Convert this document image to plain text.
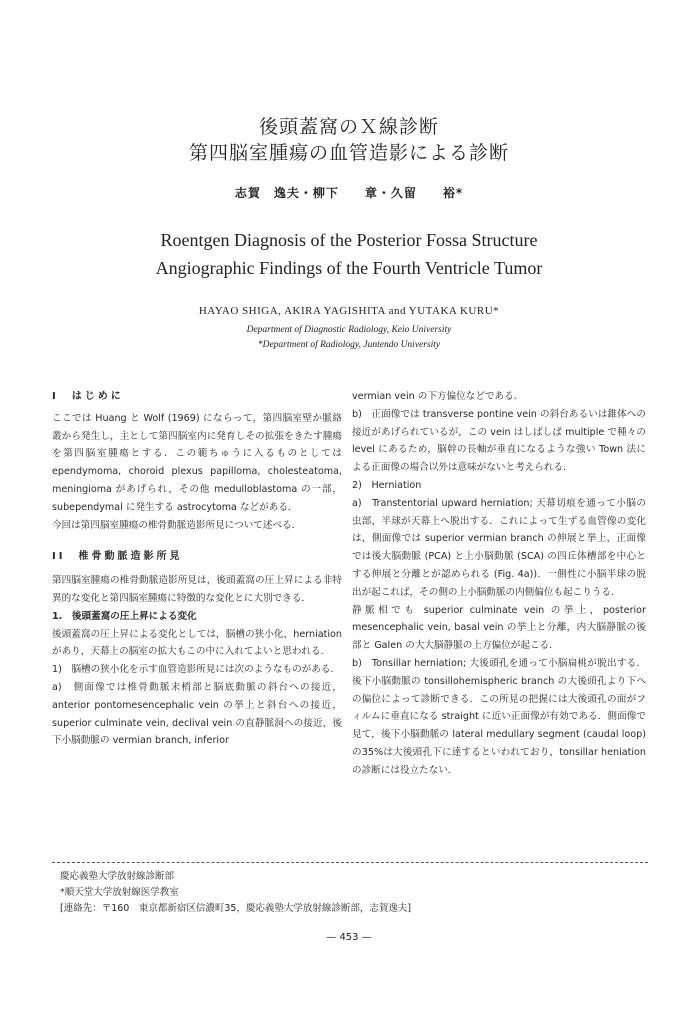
後頭蓋窩のＸ線診断
第四脳室腫瘍の血管造影による診断
志賀　逸夫・柳下　　章・久留　　裕*
Roentgen Diagnosis of the Posterior Fossa Structure
Angiographic Findings of the Fourth Ventricle Tumor
HAYAO SHIGA, AKIRA YAGISHITA and YUTAKA KURU*
Department of Diagnostic Radiology, Keio University
*Department of Radiology, Juntendo University

I　はじめに

ここでは Huang と Wolf (1969) にならって，第四脳室壁か脈絡叢から発生し，主として第四脳室内に発育しその拡張をきたす腫瘍を第四脳室腫瘍とする．この範ちゅうに入るものとしては ependymoma, choroid plexus papilloma, cholesteatoma, meningioma があげられ，その他 medulloblastoma の一部，subependymal に発生する astrocytoma などがある．

今回は第四脳室腫瘍の椎骨動脈造影所見について述べる．

II　椎骨動脈造影所見

第四脳室腫瘍の椎骨動脈造影所見は，後頭蓋窩の圧上昇による非特異的な変化と第四脳室腫瘍に特徴的な変化とに大別できる．

1.　後頭蓋窩の圧上昇による変化

後頭蓋窩の圧上昇による変化としては，脳槽の狭小化，herniation があり，天幕上の脳室の拡大もこの中に入れてよいと思われる．

1)　脳槽の狭小化を示す血管造影所見には次のようなものがある．

a)　側面像では椎骨動脈末梢部と脳底動脈の斜台への接近，anterior pontomesencephalic vein の挙上と斜台への接近，superior culminate vein, declival vein の直静脈洞への接近，後下小脳動脈の vermian branch, inferior

vermian vein の下方偏位などである．

b)　正面像では transverse pontine vein の斜台あるいは錐体への接近があげられているが，この vein はしばしば multiple で種々の level にあるため，脳幹の長軸が垂直になるような強い Town 法による正面像の場合以外は意味がないと考えられる．

2)　Herniation

a)　Transtentorial upward herniation; 天幕切痕を通って小脳の虫部，半球が天幕上へ脱出する．これによって生ずる血管像の変化は，側面像では superior vermian branch の伸展と挙上，正面像では後大脳動脈 (PCA) と上小脳動脈 (SCA) の四丘体槽部を中心とする伸展と分離とが認められる (Fig. 4a))．一側性に小脳半球の脱出が起これば，その側の上小脳動脈の内側偏位も起こりうる．

静脈相でも superior culminate vein の挙上，posterior mesencephalic vein, basal vein の挙上と分離，内大脳静脈の後部と Galen の大大脳静脈の上方偏位が起こる．

b)　Tonsillar herniation; 大後頭孔を通って小脳扁桃が脱出する．後下小脳動脈の tonsillohemispheric branch の大後頭孔より下への偏位によって診断できる．この所見の把握には大後頭孔の面がフィルムに垂直になる straight に近い正面像が有効である．側面像で見て，後下小脳動脈の lateral medullary segment (caudal loop) の35%は大後頭孔下に達するといわれており，tonsillar heniation の診断には役立たない．

慶応義塾大学放射線診断部
*順天堂大学放射線医学教室
[連絡先：〒160　東京都新宿区信濃町35，慶応義塾大学放射線診断部，志賀逸夫]
— 453 —
